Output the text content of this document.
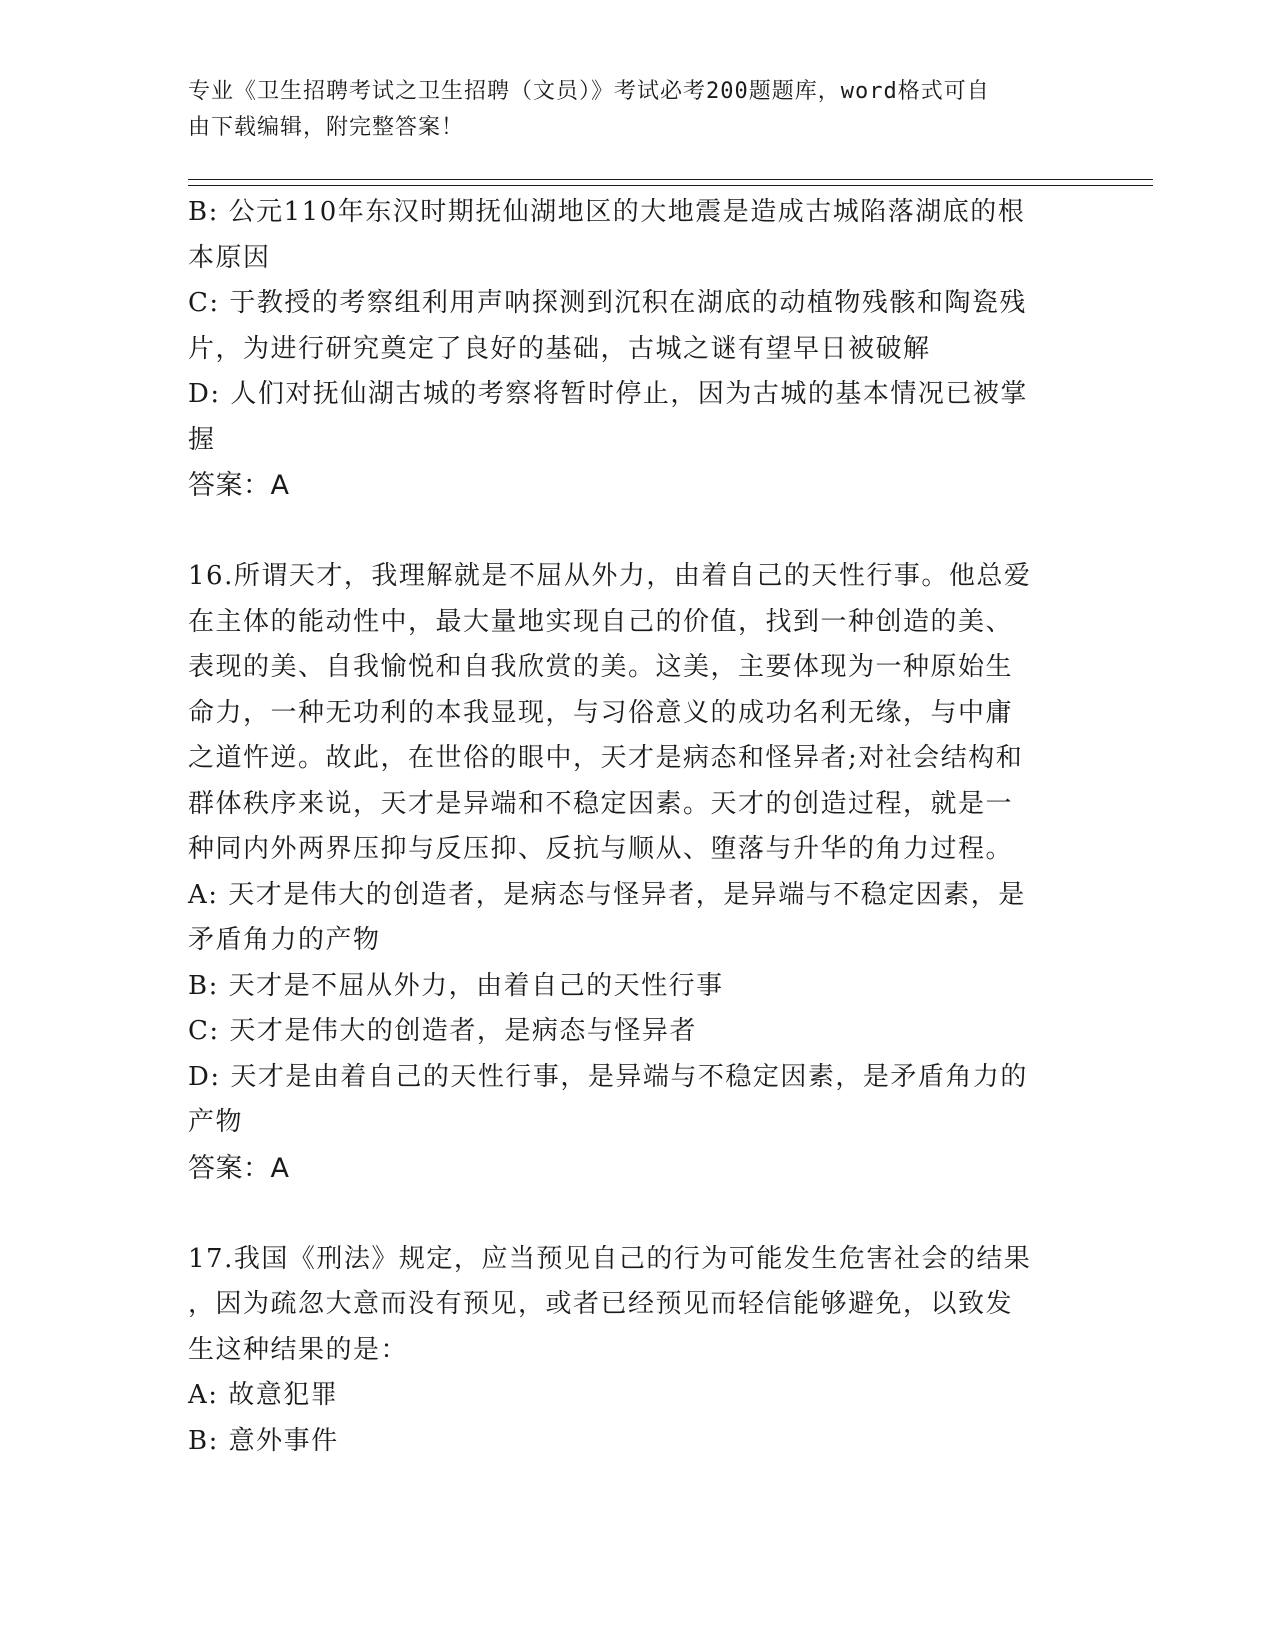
专业《卫生招聘考试之卫生招聘（文员）》考试必考200题题库，word格式可自
由下载编辑，附完整答案！
B: 公元110年东汉时期抚仙湖地区的大地震是造成古城陷落湖底的根
本原因
C: 于教授的考察组利用声呐探测到沉积在湖底的动植物残骸和陶瓷残
片，为进行研究奠定了良好的基础，古城之谜有望早日被破解
D: 人们对抚仙湖古城的考察将暂时停止，因为古城的基本情况已被掌
握
答案：A
16.所谓天才，我理解就是不屈从外力，由着自己的天性行事。他总爱
在主体的能动性中，最大量地实现自己的价值，找到一种创造的美、
表现的美、自我愉悦和自我欣赏的美。这美，主要体现为一种原始生
命力，一种无功利的本我显现，与习俗意义的成功名利无缘，与中庸
之道忤逆。故此，在世俗的眼中，天才是病态和怪异者;对社会结构和
群体秩序来说，天才是异端和不稳定因素。天才的创造过程，就是一
种同内外两界压抑与反压抑、反抗与顺从、堕落与升华的角力过程。
A: 天才是伟大的创造者，是病态与怪异者，是异端与不稳定因素，是
矛盾角力的产物
B: 天才是不屈从外力，由着自己的天性行事
C: 天才是伟大的创造者，是病态与怪异者
D: 天才是由着自己的天性行事，是异端与不稳定因素，是矛盾角力的
产物
答案：A
17.我国《刑法》规定，应当预见自己的行为可能发生危害社会的结果
，因为疏忽大意而没有预见，或者已经预见而轻信能够避免，以致发
生这种结果的是：
A: 故意犯罪
B: 意外事件
